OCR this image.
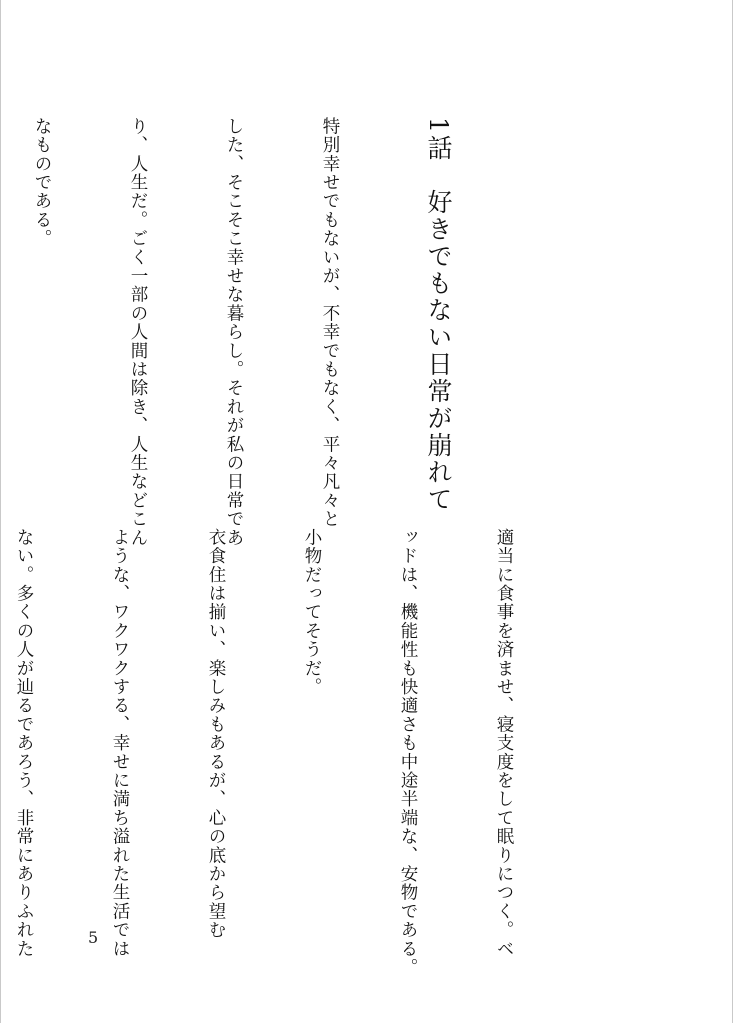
1話　好きでもない日常が崩れて

特別幸せでもないが、不幸でもなく、平々凡々と

した、そこそこ幸せな暮らし。それが私の日常であ

り、人生だ。ごく一部の人間は除き、人生などこん

なものである。

適当に食事を済ませ、寝支度をして眠りにつく。ベ

ッドは、機能性も快適さも中途半端な、安物である。

小物だってそうだ。

衣食住は揃い、楽しみもあるが、心の底から望む

ような、ワクワクする、幸せに満ち溢れた生活では

ない。多くの人が辿るであろう、非常にありふれた

	5
